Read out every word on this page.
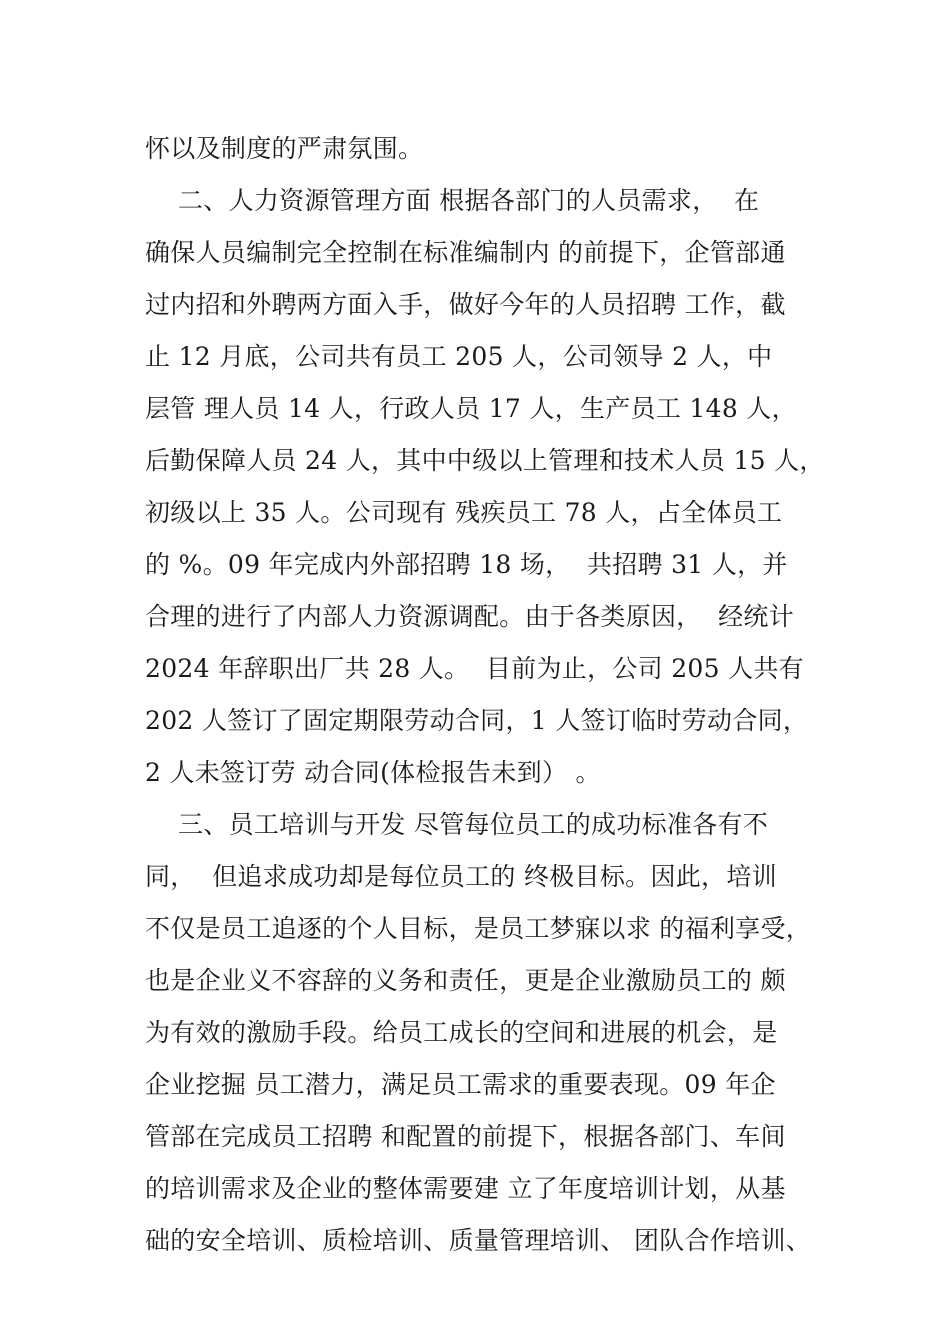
怀以及制度的严肃氛围。
二、人力资源管理方面 根据各部门的人员需求，  在
确保人员编制完全控制在标准编制内 的前提下，企管部通
过内招和外聘两方面入手，做好今年的人员招聘 工作，截
止 12 月底，公司共有员工 205 人，公司领导 2 人，中
层管 理人员 14 人，行政人员 17 人，生产员工 148 人，
后勤保障人员 24 人，其中中级以上管理和技术人员 15 人，
初级以上 35 人。公司现有 残疾员工 78 人，占全体员工
的 %。09 年完成内外部招聘 18 场，  共招聘 31 人，并
合理的进行了内部人力资源调配。由于各类原因，  经统计
2024 年辞职出厂共 28 人。  目前为止，公司 205 人共有
202 人签订了固定期限劳动合同，1 人签订临时劳动合同，
2 人未签订劳 动合同(体检报告未到） 。
三、员工培训与开发 尽管每位员工的成功标准各有不
同，  但追求成功却是每位员工的 终极目标。因此，培训
不仅是员工追逐的个人目标，是员工梦寐以求 的福利享受，
也是企业义不容辞的义务和责任，更是企业激励员工的 颇
为有效的激励手段。给员工成长的空间和进展的机会，是
企业挖掘 员工潜力，满足员工需求的重要表现。09 年企
管部在完成员工招聘 和配置的前提下，根据各部门、车间
的培训需求及企业的整体需要建 立了年度培训计划，从基
础的安全培训、质检培训、质量管理培训、 团队合作培训、
